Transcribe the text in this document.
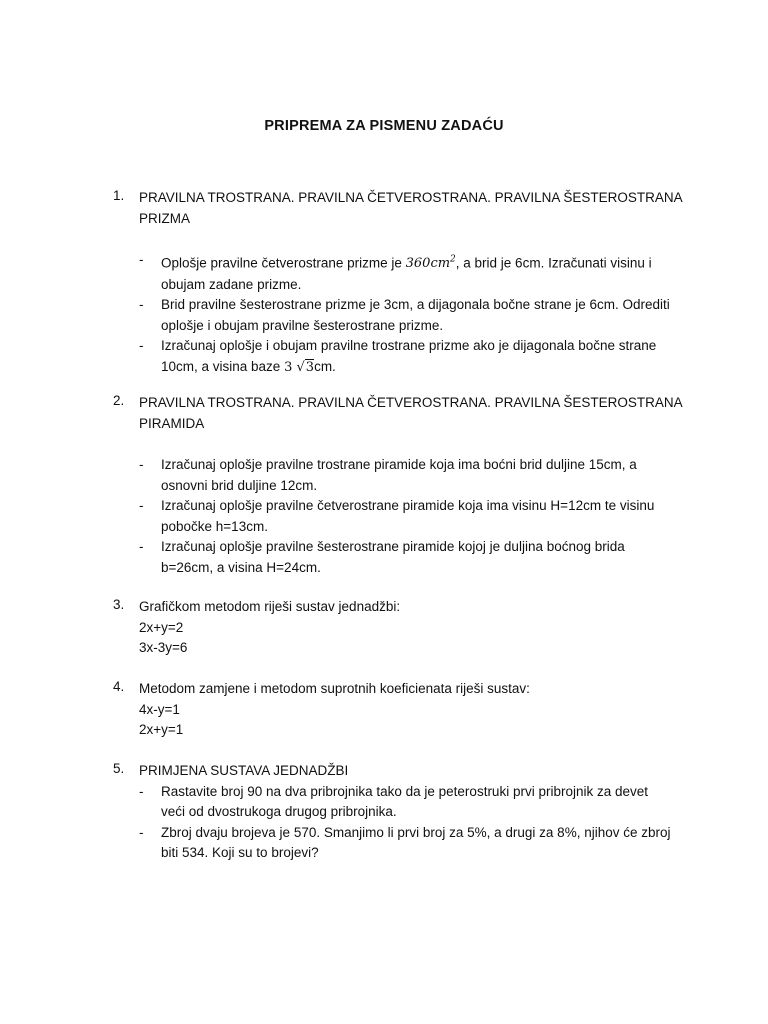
PRIPREMA ZA PISMENU ZADAĆU
1. PRAVILNA TROSTRANA. PRAVILNA ČETVEROSTRANA. PRAVILNA ŠESTEROSTRANA PRIZMA
- Oplošje pravilne četverostrane prizme je $360cm^2$, a brid je 6cm. Izračunati visinu i obujam zadane prizme.
- Brid pravilne šesterostrane prizme je 3cm, a dijagonala bočne strane je 6cm. Odrediti oplošje i obujam pravilne šesterostrane prizme.
- Izračunaj oplošje i obujam pravilne trostrane prizme ako je dijagonala bočne strane 10cm, a visina baze 3 √3cm.
2. PRAVILNA TROSTRANA. PRAVILNA ČETVEROSTRANA. PRAVILNA ŠESTEROSTRANA PIRAMIDA
- Izračunaj oplošje pravilne trostrane piramide koja ima boćni brid duljine 15cm, a osnovni brid duljine 12cm.
- Izračunaj oplošje pravilne četverostrane piramide koja ima visinu H=12cm te visinu pobočke h=13cm.
- Izračunaj oplošje pravilne šesterostrane piramide kojoj je duljina boćnog brida b=26cm, a visina H=24cm.
3. Grafičkom metodom riješi sustav jednadžbi:
2x+y=2
3x-3y=6
4. Metodom zamjene i metodom suprotnih koeficienata riješi sustav:
4x-y=1
2x+y=1
5. PRIMJENA SUSTAVA JEDNADŽBI
- Rastavite broj 90 na dva pribrojnika tako da je peterostruki prvi pribrojnik za devet veći od dvostrukoga drugog pribrojnika.
- Zbroj dvaju brojeva je 570. Smanjimo li prvi broj za 5%, a drugi za 8%, njihov će zbroj biti 534. Koji su to brojevi?
